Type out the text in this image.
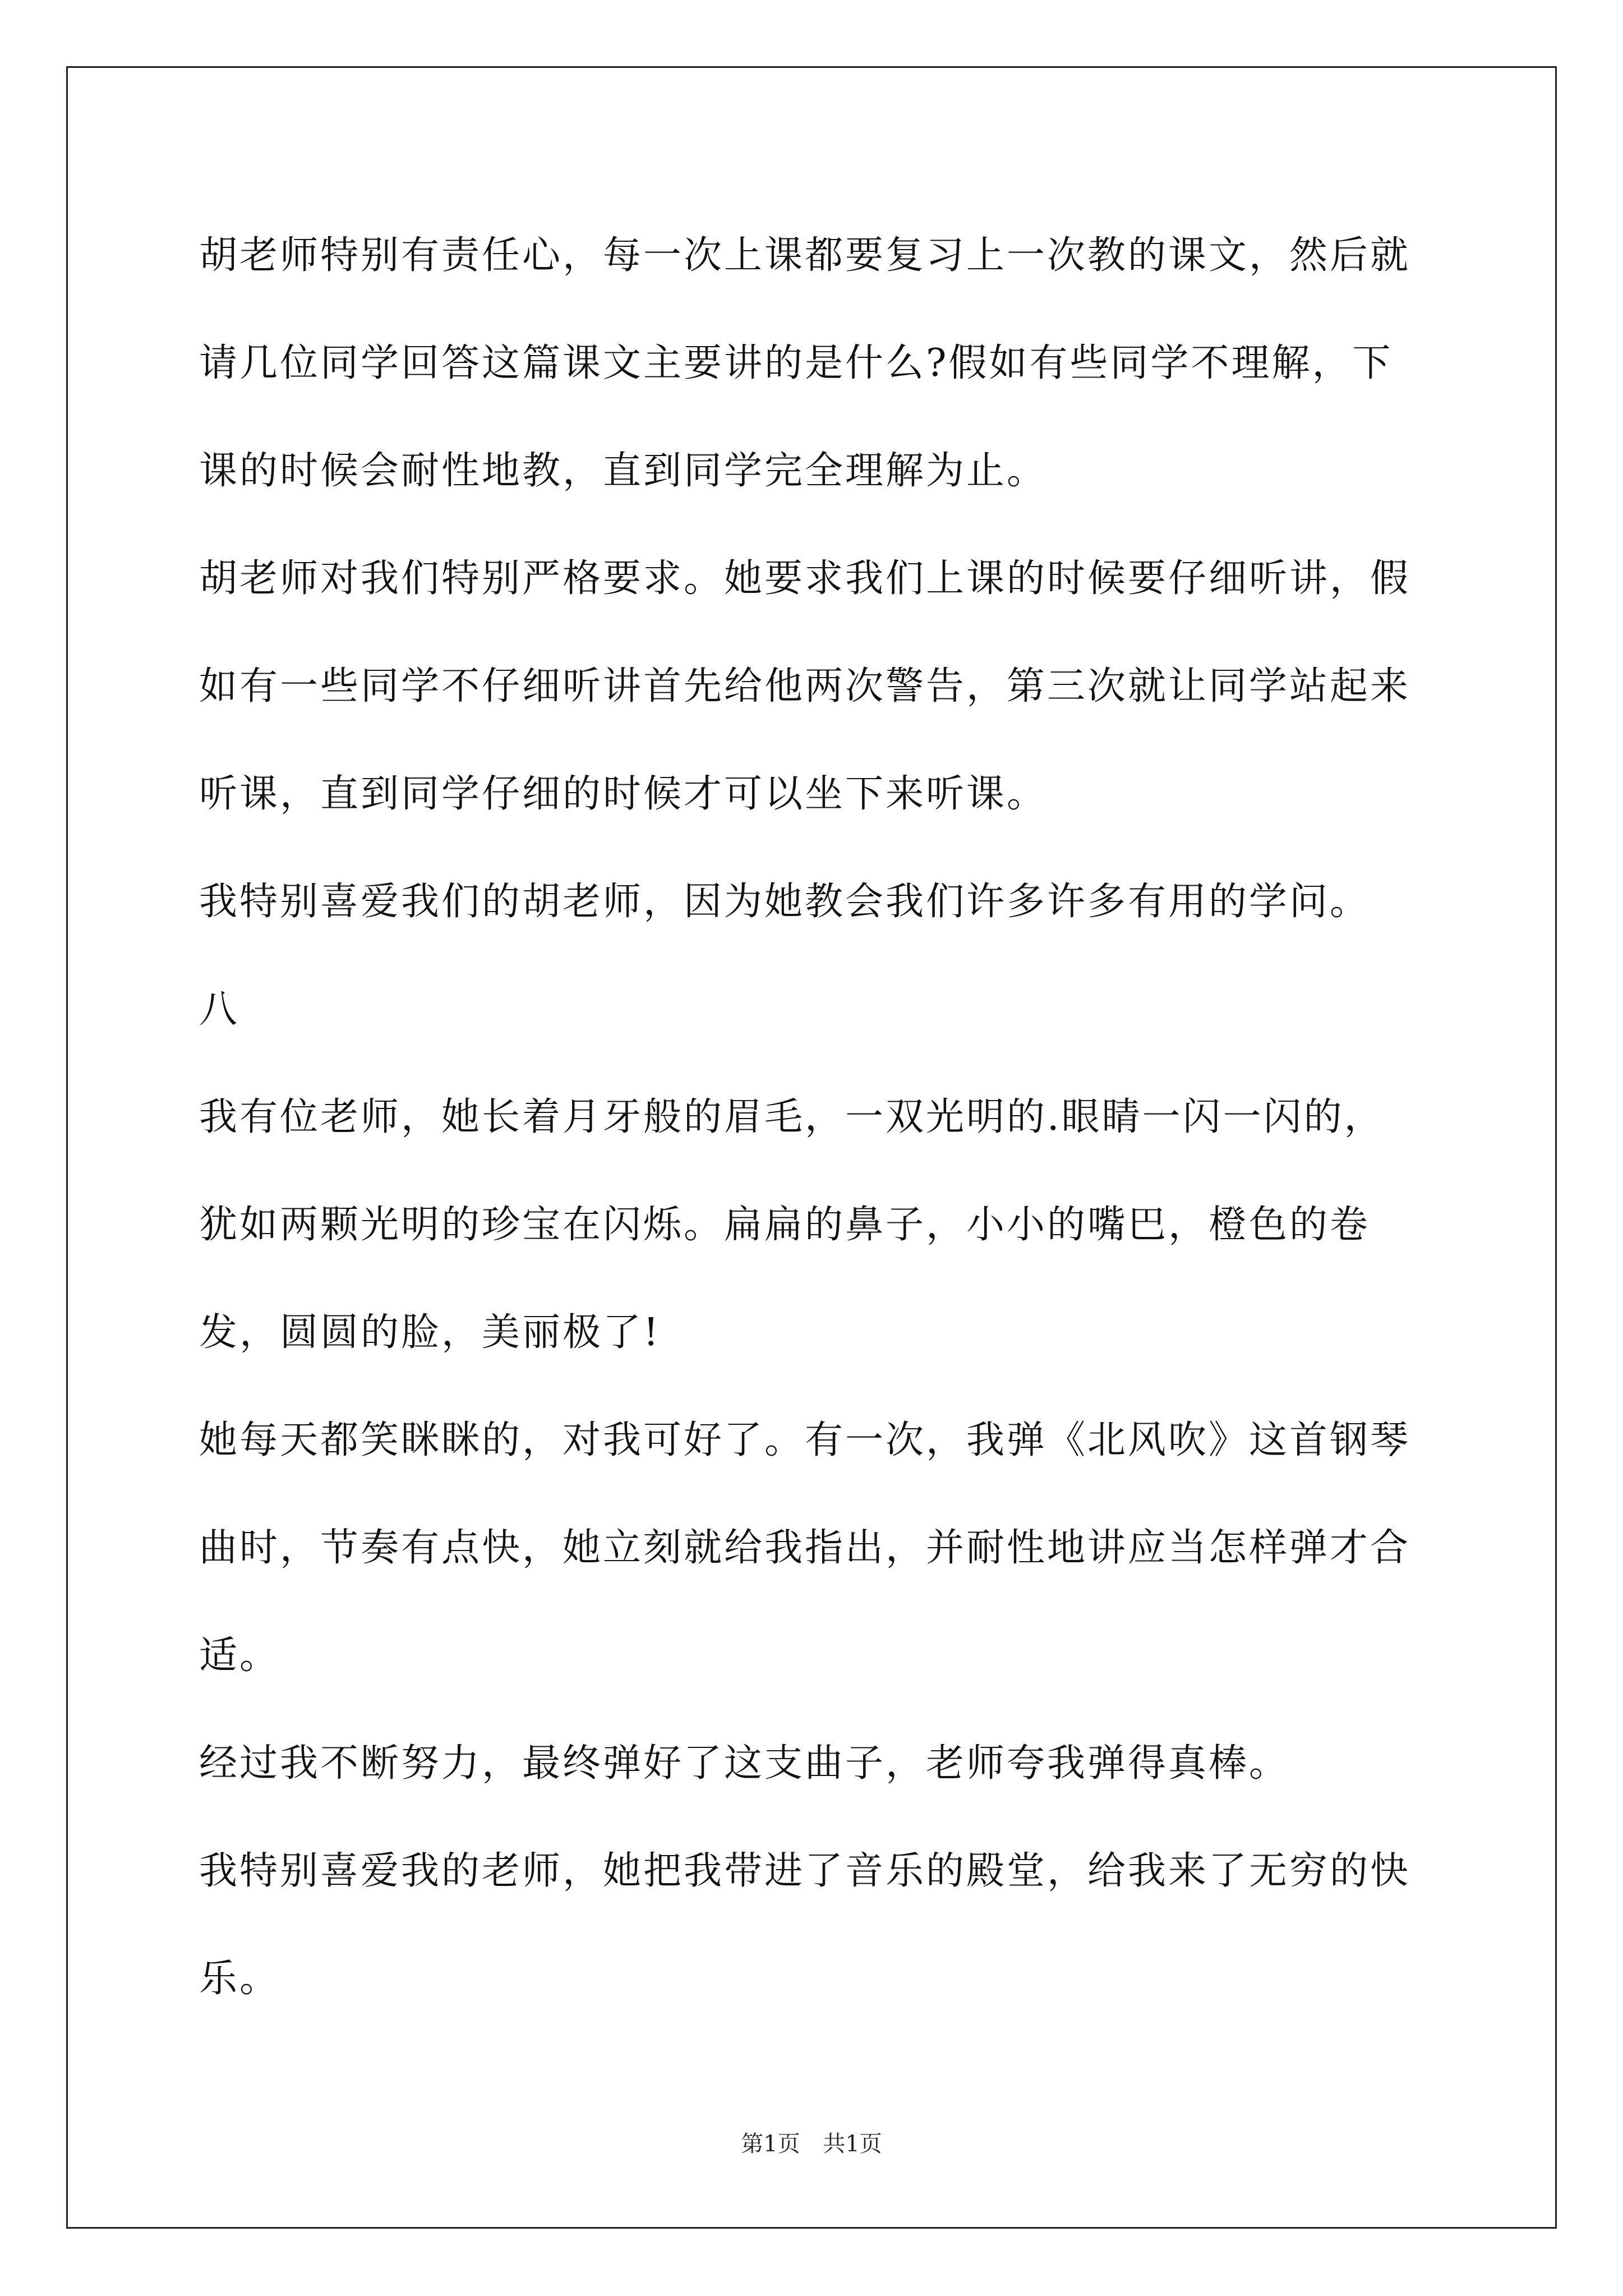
胡老师特别有责任心，每一次上课都要复习上一次教的课文，然后就请几位同学回答这篇课文主要讲的是什么?假如有些同学不理解，下课的时候会耐性地教，直到同学完全理解为止。

胡老师对我们特别严格要求。她要求我们上课的时候要仔细听讲，假如有一些同学不仔细听讲首先给他两次警告，第三次就让同学站起来听课，直到同学仔细的时候才可以坐下来听课。

我特别喜爱我们的胡老师，因为她教会我们许多许多有用的学问。

八

我有位老师，她长着月牙般的眉毛，一双光明的.眼睛一闪一闪的，犹如两颗光明的珍宝在闪烁。扁扁的鼻子，小小的嘴巴，橙色的卷发，圆圆的脸，美丽极了!

她每天都笑眯眯的，对我可好了。有一次，我弹《北风吹》这首钢琴曲时，节奏有点快，她立刻就给我指出，并耐性地讲应当怎样弹才合适。

经过我不断努力，最终弹好了这支曲子，老师夸我弹得真棒。

我特别喜爱我的老师，她把我带进了音乐的殿堂，给我来了无穷的快乐。

第1页 共1页
